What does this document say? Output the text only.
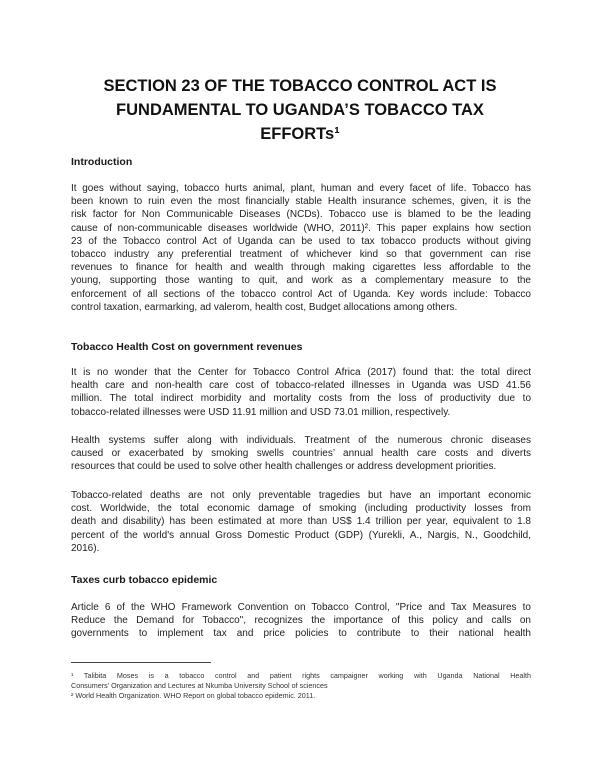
SECTION 23 OF THE TOBACCO CONTROL ACT IS
FUNDAMENTAL TO UGANDA’S TOBACCO TAX
EFFORTs¹
Introduction
It goes without saying, tobacco hurts animal, plant, human and every facet of life. Tobacco has
been known to ruin even the most financially stable Health insurance schemes, given, it is the
risk factor for Non Communicable Diseases (NCDs). Tobacco use is blamed to be the leading
cause of non-communicable diseases worldwide (WHO, 2011)². This paper explains how section
23 of the Tobacco control Act of Uganda can be used to tax tobacco products without giving
tobacco industry any preferential treatment of whichever kind so that government can rise
revenues to finance for health and wealth through making cigarettes less affordable to the
young, supporting those wanting to quit, and work as a complementary measure to the
enforcement of all sections of the tobacco control Act of Uganda. Key words include: Tobacco
control taxation, earmarking, ad valerom, health cost, Budget allocations among others.
Tobacco Health Cost on government revenues
It is no wonder that the Center for Tobacco Control Africa (2017) found that: the total direct
health care and non-health care cost of tobacco-related illnesses in Uganda was USD 41.56
million. The total indirect morbidity and mortality costs from the loss of productivity due to
tobacco-related illnesses were USD 11.91 million and USD 73.01 million, respectively.
Health systems suffer along with individuals. Treatment of the numerous chronic diseases
caused or exacerbated by smoking swells countries’ annual health care costs and diverts
resources that could be used to solve other health challenges or address development priorities.
Tobacco-related deaths are not only preventable tragedies but have an important economic
cost. Worldwide, the total economic damage of smoking (including productivity losses from
death and disability) has been estimated at more than US$ 1.4 trillion per year, equivalent to 1.8
percent of the world's annual Gross Domestic Product (GDP) (Yurekli, A., Nargis, N., Goodchild,
2016).
Taxes curb tobacco epidemic
Article 6 of the WHO Framework Convention on Tobacco Control, "Price and Tax Measures to
Reduce the Demand for Tobacco", recognizes the importance of this policy and calls on
governments to implement tax and price policies to contribute to their national health
¹ Talibita Moses is a tobacco control and patient rights campaigner working with Uganda National Health
Consumers’ Organization and Lectures at Nkumba University School of sciences
² World Health Organization. WHO Report on global tobacco epidemic. 2011.
